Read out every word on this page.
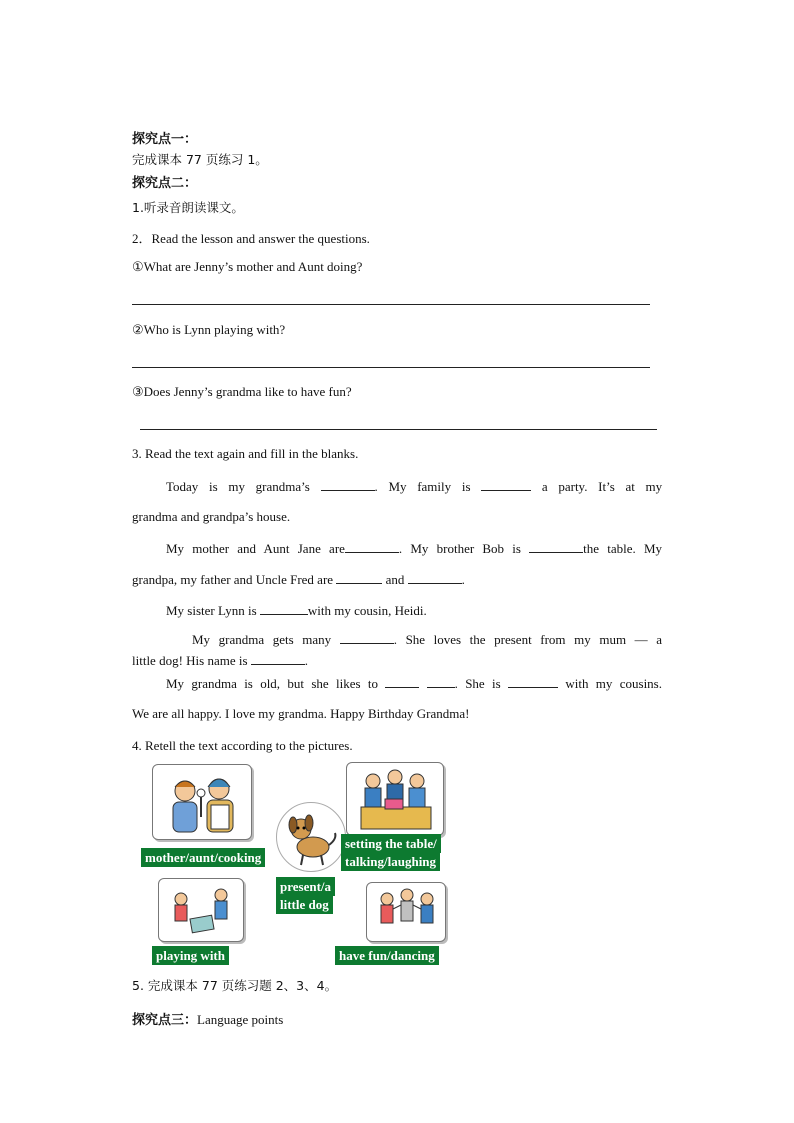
探究点一：
完成课本 77 页练习 1。
探究点二：
1.听录音朗读课文。
2．Read the lesson and answer the questions.
①What are Jenny’s mother and Aunt doing?
②Who is Lynn playing with?
③Does Jenny’s grandma like to have fun?
3. Read the text again and fill in the blanks.
Today is my grandma’s	. My family is	a party. It’s at my
grandma and grandpa’s house.
My mother and Aunt Jane are	. My brother Bob is	the table. My
grandpa, my father and Uncle Fred are	and	.
My sister Lynn is	with my cousin, Heidi.
My grandma gets many	. She loves the present from my mum — a
little dog! His name is	.
My grandma is old, but she likes to	. She is	with my cousins.
We are all happy. I love my grandma. Happy Birthday Grandma!
4. Retell the text according to the pictures.
mother/aunt/cooking
setting the table/
talking/laughing
present/a
little dog
playing with	have fun/dancing
5. 完成课本 77 页练习题 2、3、4。
探究点三：Language points
